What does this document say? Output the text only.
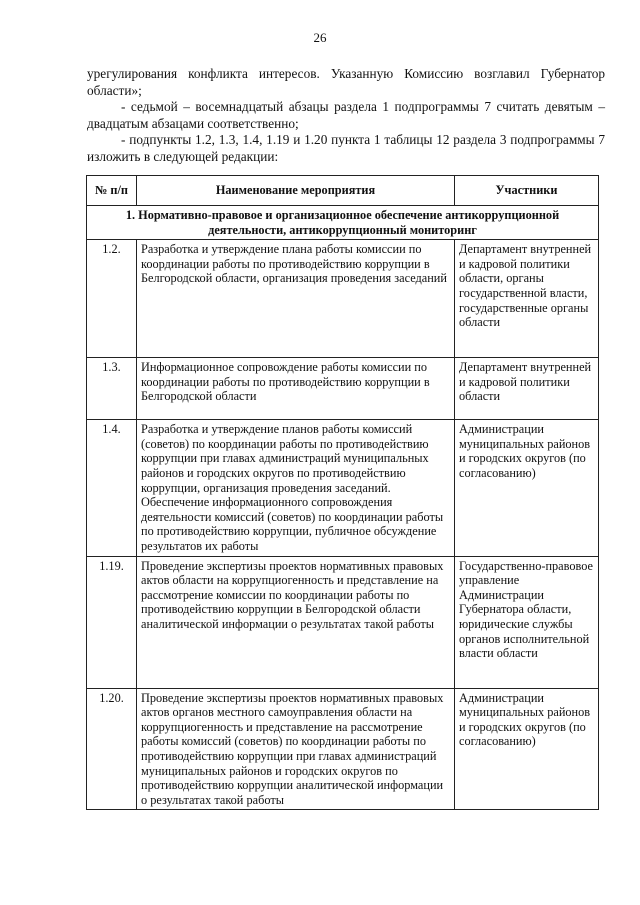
26

урегулирования конфликта интересов. Указанную Комиссию возглавил Губернатор области»;

- седьмой – восемнадцатый абзацы раздела 1 подпрограммы 7 считать девятым – двадцатым абзацами соответственно;

- подпункты 1.2, 1.3, 1.4, 1.19 и 1.20 пункта 1 таблицы 12 раздела 3 подпрограммы 7 изложить в следующей редакции:

№ п/п	Наименование мероприятия	Участники
1. Нормативно-правовое и организационное обеспечение антикоррупционной деятельности, антикоррупционный мониторинг		
1.2.	Разработка и утверждение плана работы комиссии по координации работы по противодействию коррупции в Белгородской области, организация проведения заседаний	Департамент внутренней и кадровой политики области, органы государственной власти, государственные органы области
1.3.	Информационное сопровождение работы комиссии по координации работы по противодействию коррупции в Белгородской области	Департамент внутренней и кадровой политики области
1.4.	Разработка и утверждение планов работы комиссий (советов) по координации работы по противодействию коррупции при главах администраций муниципальных районов и городских округов по противодействию коррупции, организация проведения заседаний. Обеспечение информационного сопровождения деятельности комиссий (советов) по координации работы по противодействию коррупции, публичное обсуждение результатов их работы	Администрации муниципальных районов и городских округов (по согласованию)
1.19.	Проведение экспертизы проектов нормативных правовых актов области на коррупциогенность и представление на рассмотрение комиссии по координации работы по противодействию коррупции в Белгородской области аналитической информации о результатах такой работы	Государственно-правовое управление Администрации Губернатора области, юридические службы органов исполнительной власти области
1.20.	Проведение экспертизы проектов нормативных правовых актов органов местного самоуправления области на коррупциогенность и представление на рассмотрение работы комиссий (советов) по координации работы по противодействию коррупции при главах администраций муниципальных районов и городских округов по противодействию коррупции аналитической информации о результатах такой работы	Администрации муниципальных районов и городских округов (по согласованию)
